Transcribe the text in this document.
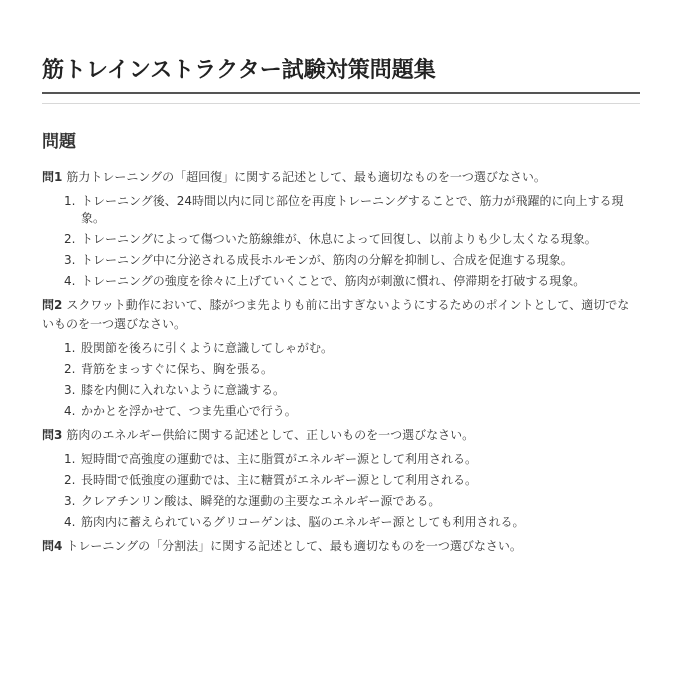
筋トレインストラクター試験対策問題集
問題

問1 筋力トレーニングの「超回復」に関する記述として、最も適切なものを一つ選びなさい。

1. トレーニング後、24時間以内に同じ部位を再度トレーニングすることで、筋力が飛躍的に向上する現象。
2. トレーニングによって傷ついた筋線維が、休息によって回復し、以前よりも少し太くなる現象。
3. トレーニング中に分泌される成長ホルモンが、筋肉の分解を抑制し、合成を促進する現象。
4. トレーニングの強度を徐々に上げていくことで、筋肉が刺激に慣れ、停滞期を打破する現象。

問2 スクワット動作において、膝がつま先よりも前に出すぎないようにするためのポイントとして、適切でないものを一つ選びなさい。

1. 股関節を後ろに引くように意識してしゃがむ。
2. 背筋をまっすぐに保ち、胸を張る。
3. 膝を内側に入れないように意識する。
4. かかとを浮かせて、つま先重心で行う。

問3 筋肉のエネルギー供給に関する記述として、正しいものを一つ選びなさい。

1. 短時間で高強度の運動では、主に脂質がエネルギー源として利用される。
2. 長時間で低強度の運動では、主に糖質がエネルギー源として利用される。
3. クレアチンリン酸は、瞬発的な運動の主要なエネルギー源である。
4. 筋肉内に蓄えられているグリコーゲンは、脳のエネルギー源としても利用される。

問4 トレーニングの「分割法」に関する記述として、最も適切なものを一つ選びなさい。
